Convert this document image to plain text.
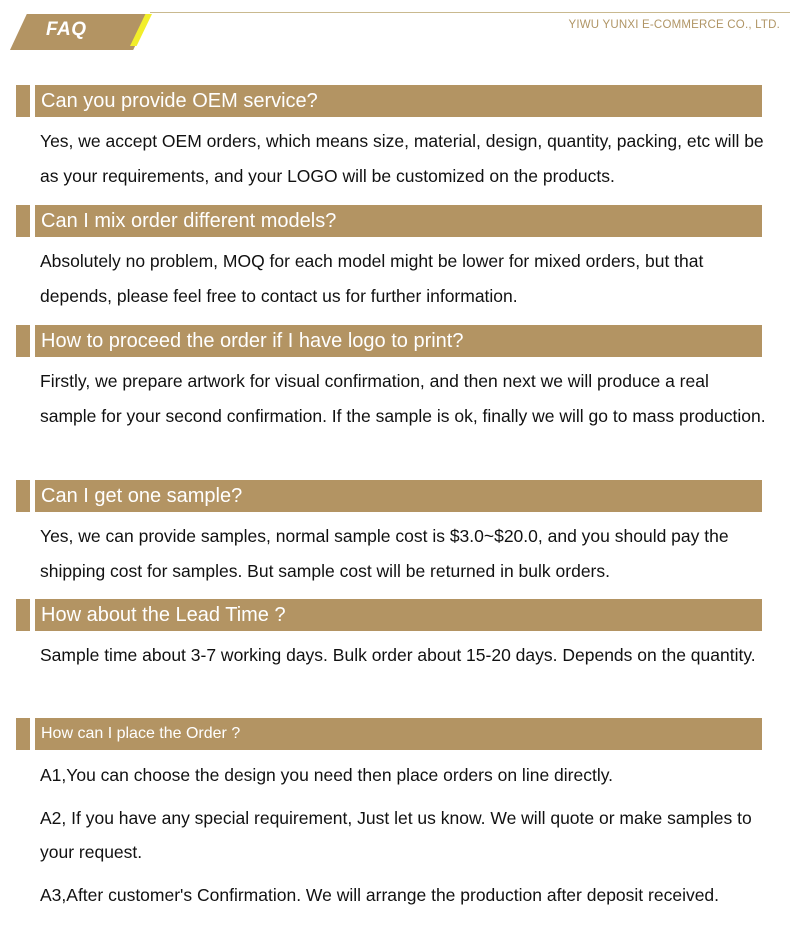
FAQ	YIWU YUNXI E-COMMERCE CO., LTD.
Can you provide OEM service?

Yes, we accept OEM orders, which means size, material, design, quantity, packing, etc will be as your requirements, and your LOGO will be customized on the products.

Can I mix order different models?

Absolutely no problem, MOQ for each model might be lower for mixed orders, but that depends, please feel free to contact us for further information.

How to proceed the order if I have logo to print?

Firstly, we prepare artwork for visual confirmation, and then next we will produce a real sample for your second confirmation. If the sample is ok, finally we will go to mass production.

Can I get one sample?

Yes, we can provide samples, normal sample cost is $3.0~$20.0, and you should pay the shipping cost for samples. But sample cost will be returned in bulk orders.

How about the Lead Time ?

Sample time about 3-7 working days. Bulk order about 15-20 days. Depends on the quantity.

How can I place the Order ?

A1,You can choose the design you need then place orders on line directly.

A2, If you have any special requirement, Just let us know. We will quote or make samples to your request.

A3,After customer's Confirmation. We will arrange the production after deposit received.
